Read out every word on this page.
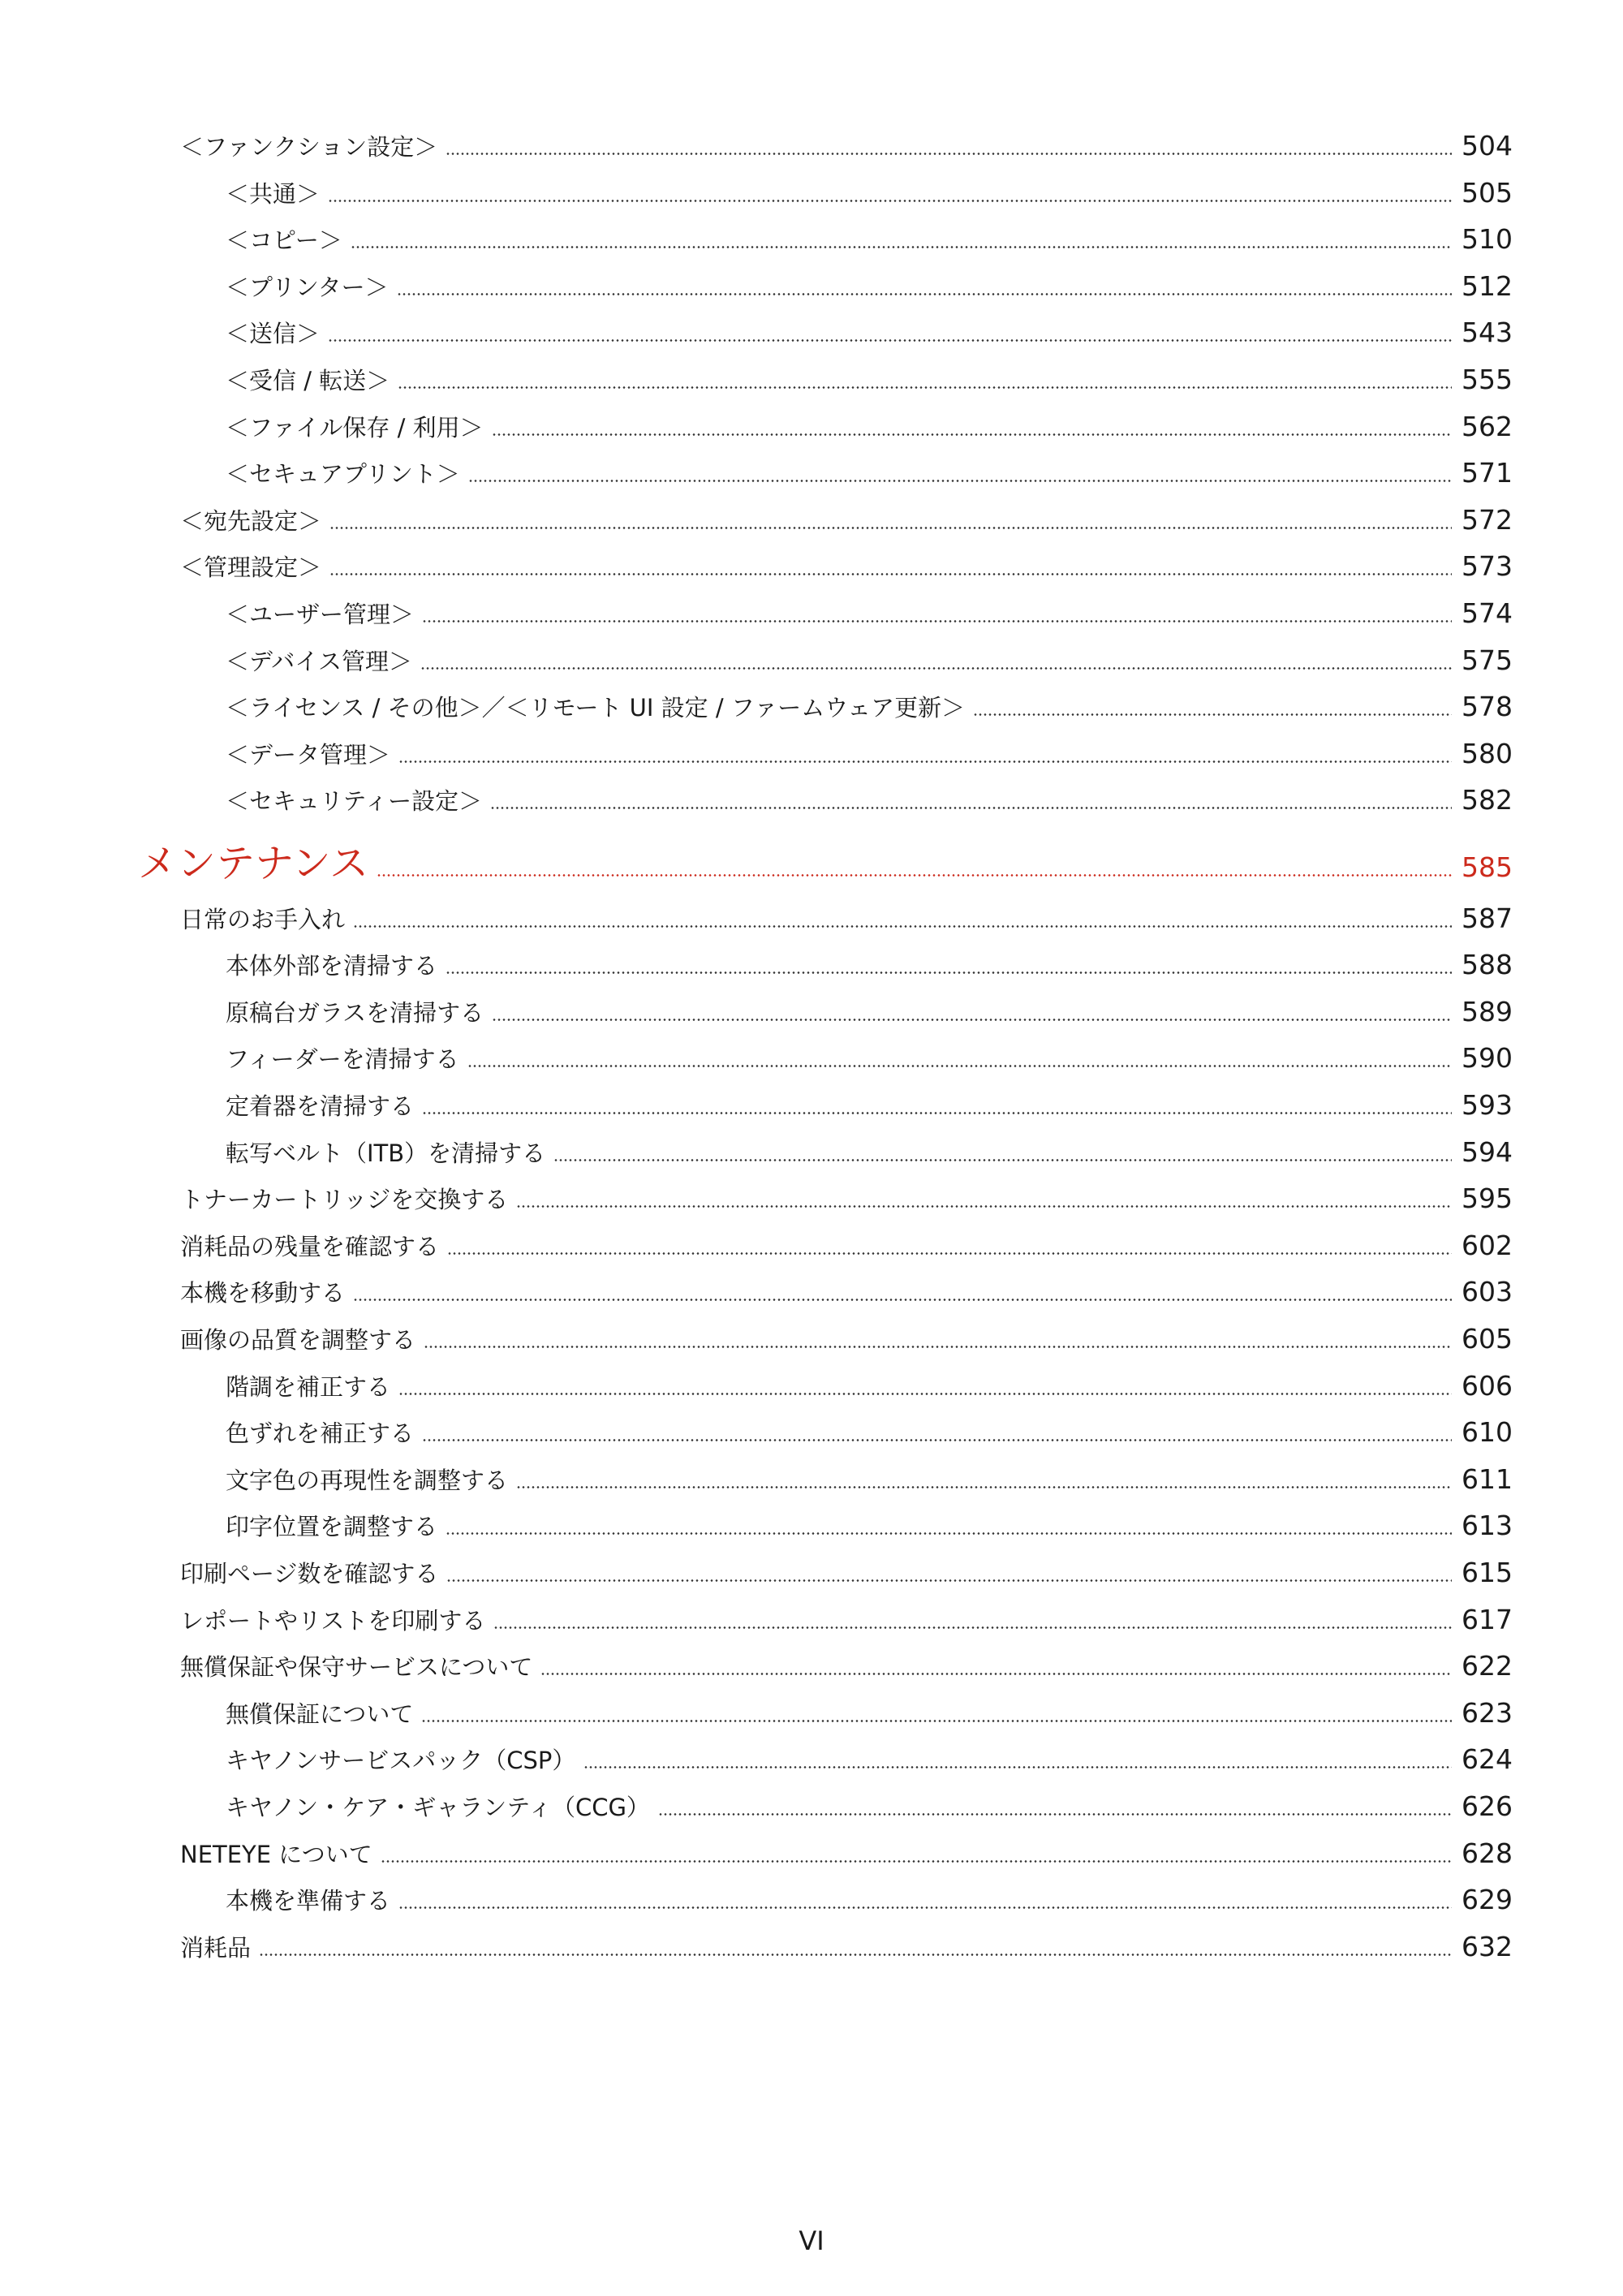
＜ファンクション設定＞	504
＜共通＞	505
＜コピー＞	510
＜プリンター＞	512
＜送信＞	543
＜受信 / 転送＞	555
＜ファイル保存 / 利用＞	562
＜セキュアプリント＞	571
＜宛先設定＞	572
＜管理設定＞	573
＜ユーザー管理＞	574
＜デバイス管理＞	575
＜ライセンス / その他＞／＜リモート UI 設定 / ファームウェア更新＞	578
＜データ管理＞	580
＜セキュリティー設定＞	582
メンテナンス	585
日常のお手入れ	587
本体外部を清掃する	588
原稿台ガラスを清掃する	589
フィーダーを清掃する	590
定着器を清掃する	593
転写ベルト（ITB）を清掃する	594
トナーカートリッジを交換する	595
消耗品の残量を確認する	602
本機を移動する	603
画像の品質を調整する	605
階調を補正する	606
色ずれを補正する	610
文字色の再現性を調整する	611
印字位置を調整する	613
印刷ページ数を確認する	615
レポートやリストを印刷する	617
無償保証や保守サービスについて	622
無償保証について	623
キヤノンサービスパック（CSP）	624
キヤノン・ケア・ギャランティ（CCG）	626
NETEYE について	628
本機を準備する	629
消耗品	632
VI
